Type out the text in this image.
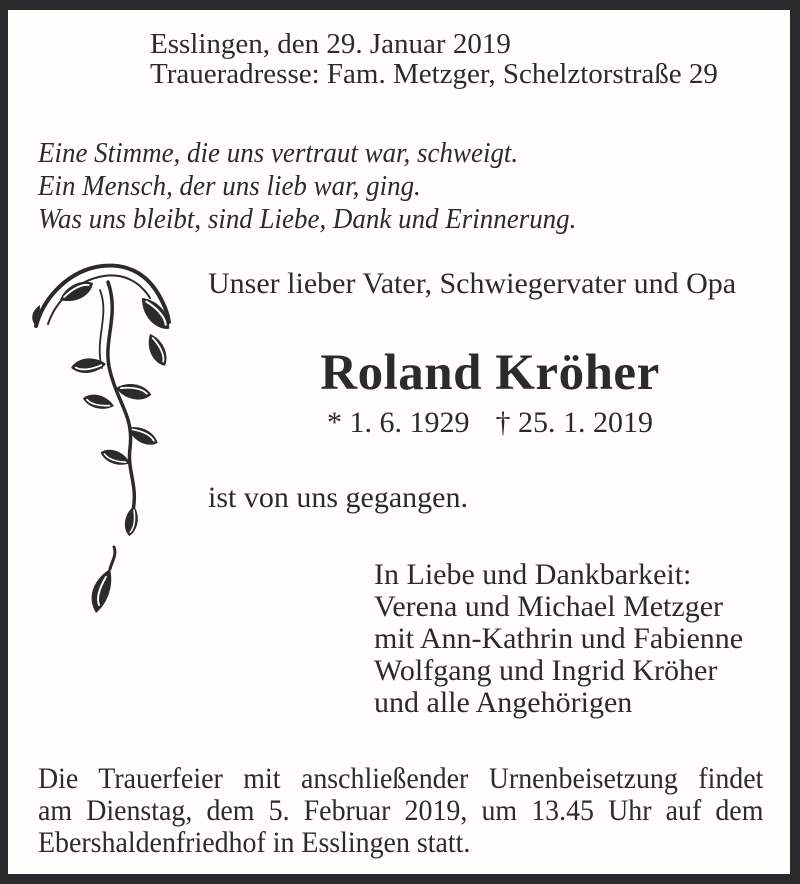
Esslingen, den 29. Januar 2019
Traueradresse: Fam. Metzger, Schelztorstraße 29
Eine Stimme, die uns vertraut war, schweigt.
Ein Mensch, der uns lieb war, ging.
Was uns bleibt, sind Liebe, Dank und Erinnerung.
Unser lieber Vater, Schwiegervater und Opa
Roland Kröher
* 1. 6. 1929 † 25. 1. 2019
ist von uns gegangen.
In Liebe und Dankbarkeit:
Verena und Michael Metzger
mit Ann-Kathrin und Fabienne
Wolfgang und Ingrid Kröher
und alle Angehörigen
Die Trauerfeier mit anschließender Urnenbeisetzung findet
am Dienstag, dem 5. Februar 2019, um 13.45 Uhr auf dem
Ebershaldenfriedhof in Esslingen statt.
